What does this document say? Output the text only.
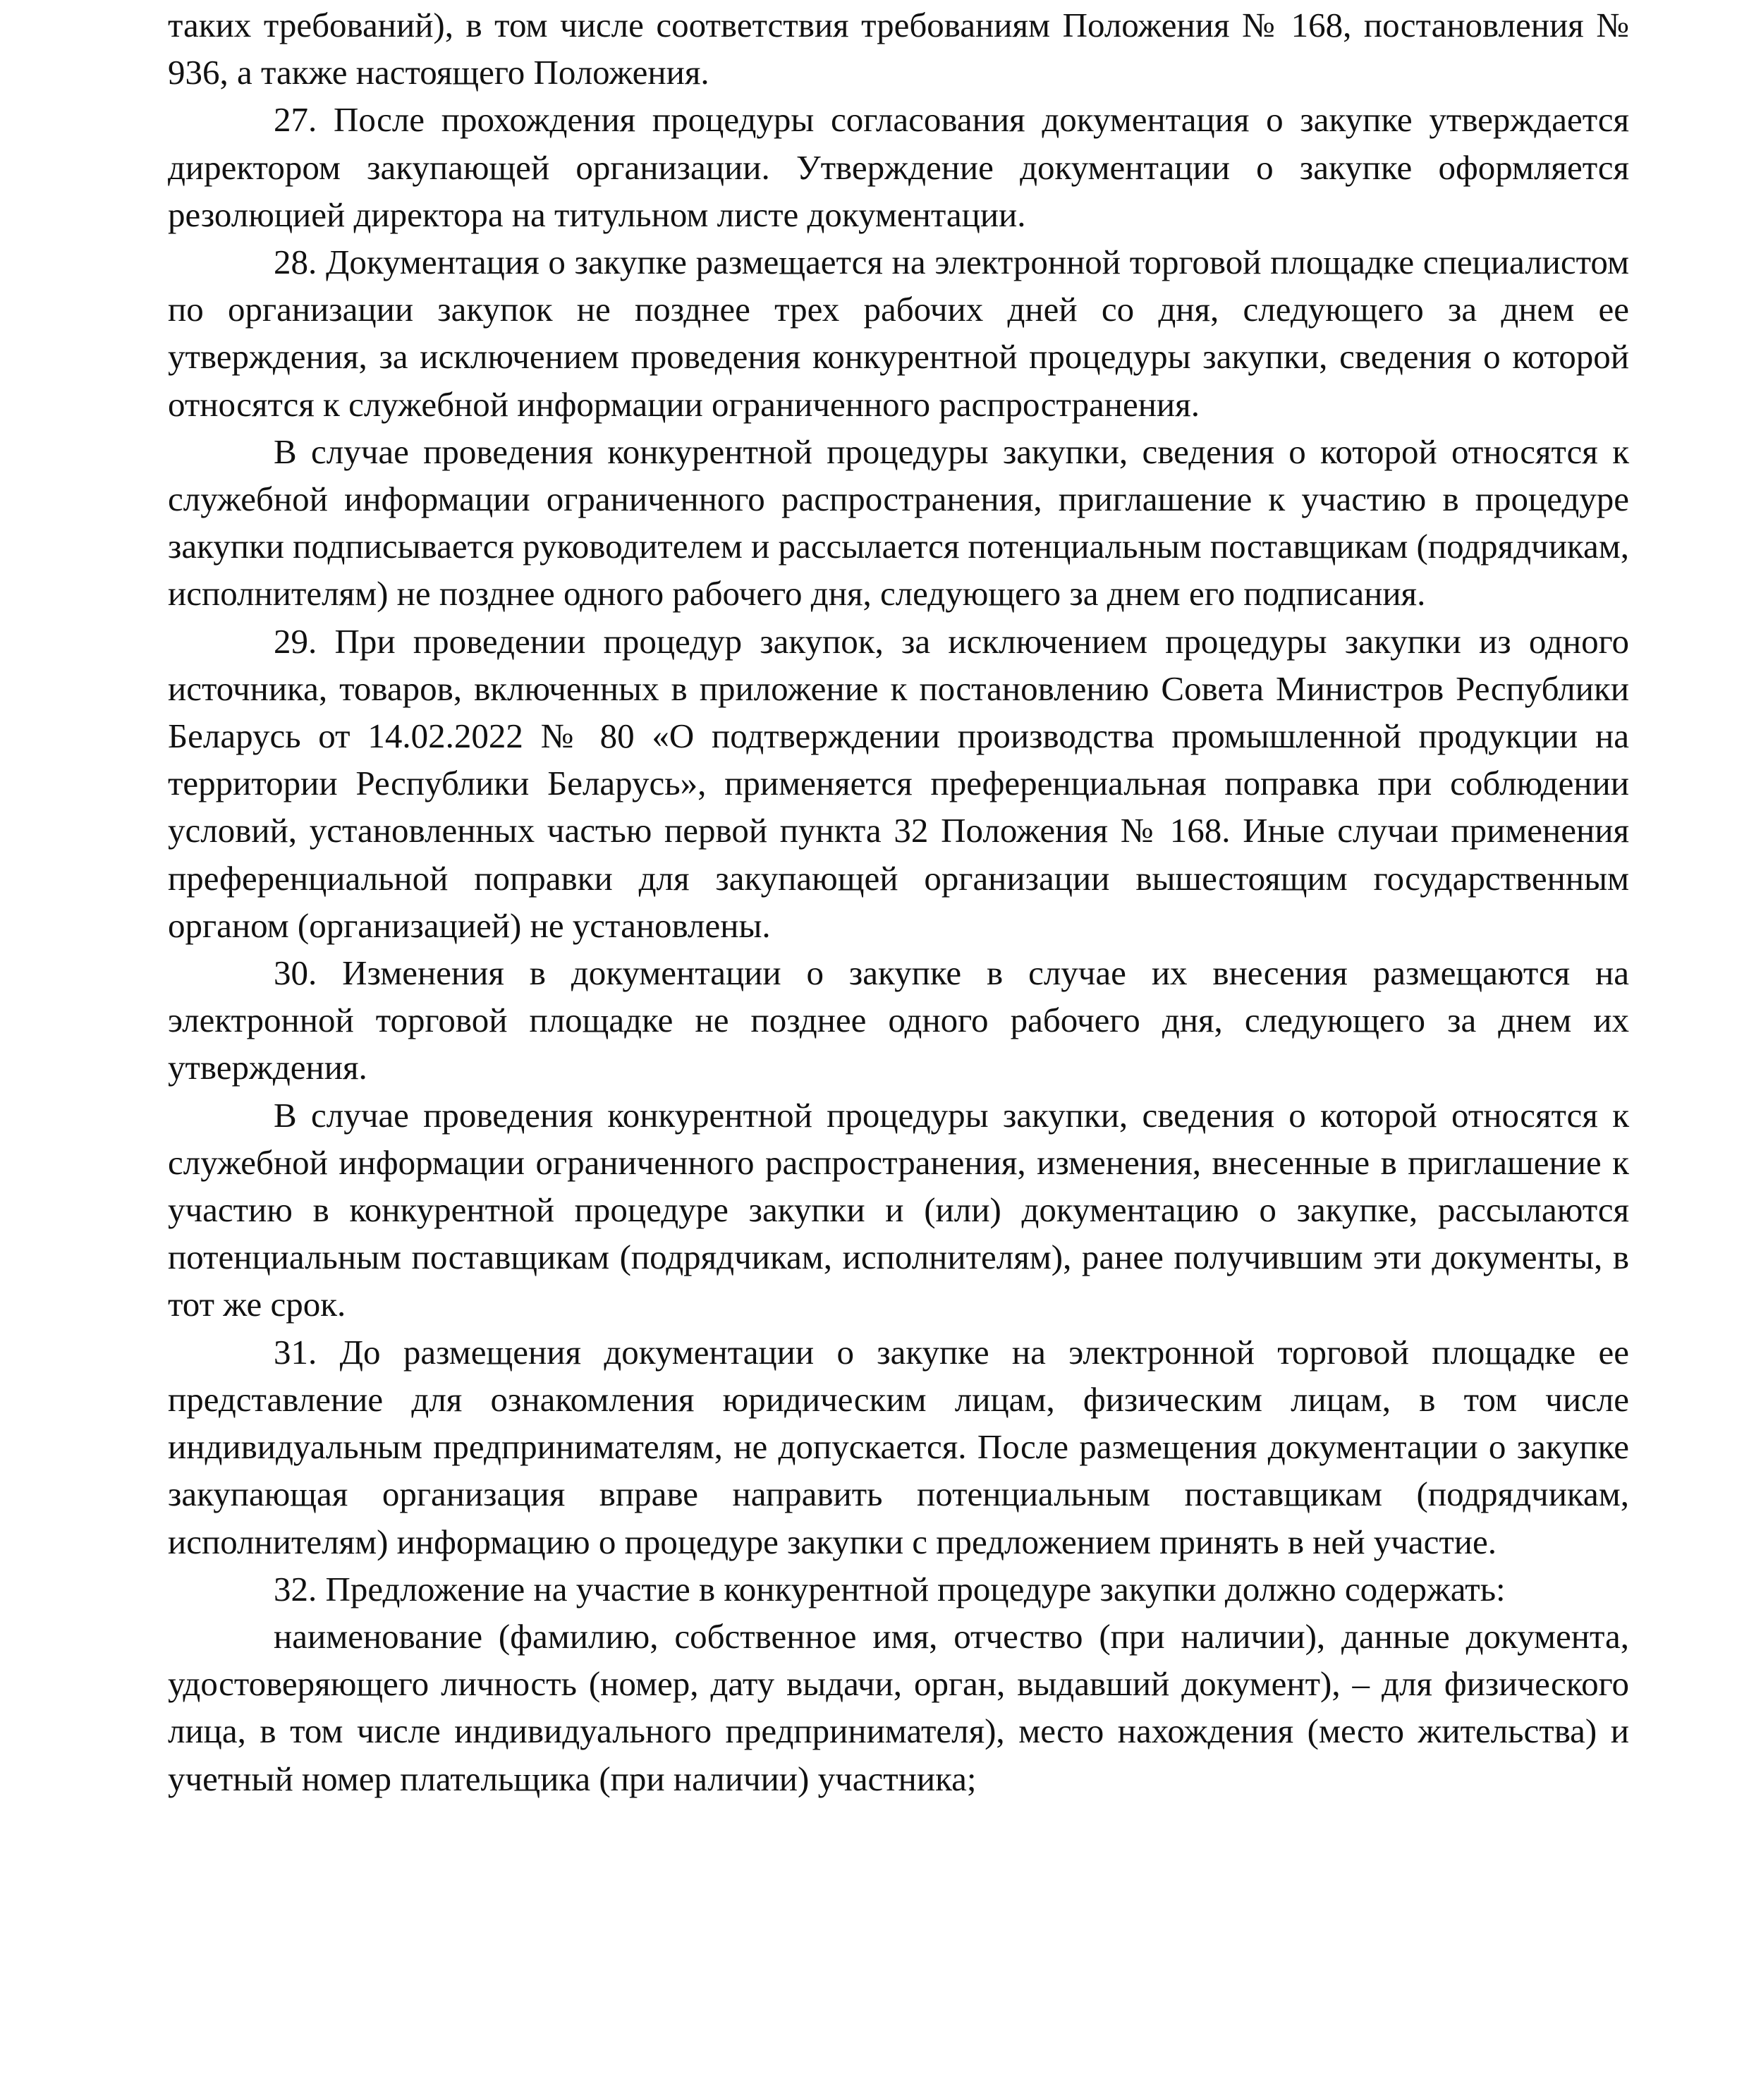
таких требований), в том числе соответствия требованиям Положения № 168, постановления № 936, а также настоящего Положения.

27. После прохождения процедуры согласования документация о закупке утверждается директором закупающей организации. Утверждение документации о закупке оформляется резолюцией директора на титульном листе документации.

28. Документация о закупке размещается на электронной торговой площадке специалистом по организации закупок не позднее трех рабочих дней со дня, следующего за днем ее утверждения, за исключением проведения конкурентной процедуры закупки, сведения о которой относятся к служебной информации ограниченного распространения.

В случае проведения конкурентной процедуры закупки, сведения о которой относятся к служебной информации ограниченного распространения, приглашение к участию в процедуре закупки подписывается руководителем и рассылается потенциальным поставщикам (подрядчикам, исполнителям) не позднее одного рабочего дня, следующего за днем его подписания.

29. При проведении процедур закупок, за исключением процедуры закупки из одного источника, товаров, включенных в приложение к постановлению Совета Министров Республики Беларусь от 14.02.2022 № 80 «О подтверждении производства промышленной продукции на территории Республики Беларусь», применяется преференциальная поправка при соблюдении условий, установленных частью первой пункта 32 Положения № 168. Иные случаи применения преференциальной поправки для закупающей организации вышестоящим государственным органом (организацией) не установлены.

30. Изменения в документации о закупке в случае их внесения размещаются на электронной торговой площадке не позднее одного рабочего дня, следующего за днем их утверждения.

В случае проведения конкурентной процедуры закупки, сведения о которой относятся к служебной информации ограниченного распространения, изменения, внесенные в приглашение к участию в конкурентной процедуре закупки и (или) документацию о закупке, рассылаются потенциальным поставщикам (подрядчикам, исполнителям), ранее получившим эти документы, в тот же срок.

31. До размещения документации о закупке на электронной торговой площадке ее представление для ознакомления юридическим лицам, физическим лицам, в том числе индивидуальным предпринимателям, не допускается. После размещения документации о закупке закупающая организация вправе направить потенциальным поставщикам (подрядчикам, исполнителям) информацию о процедуре закупки с предложением принять в ней участие.

32. Предложение на участие в конкурентной процедуре закупки должно содержать:

наименование (фамилию, собственное имя, отчество (при наличии), данные документа, удостоверяющего личность (номер, дату выдачи, орган, выдавший документ), – для физического лица, в том числе индивидуального предпринимателя), место нахождения (место жительства) и учетный номер плательщика (при наличии) участника;
